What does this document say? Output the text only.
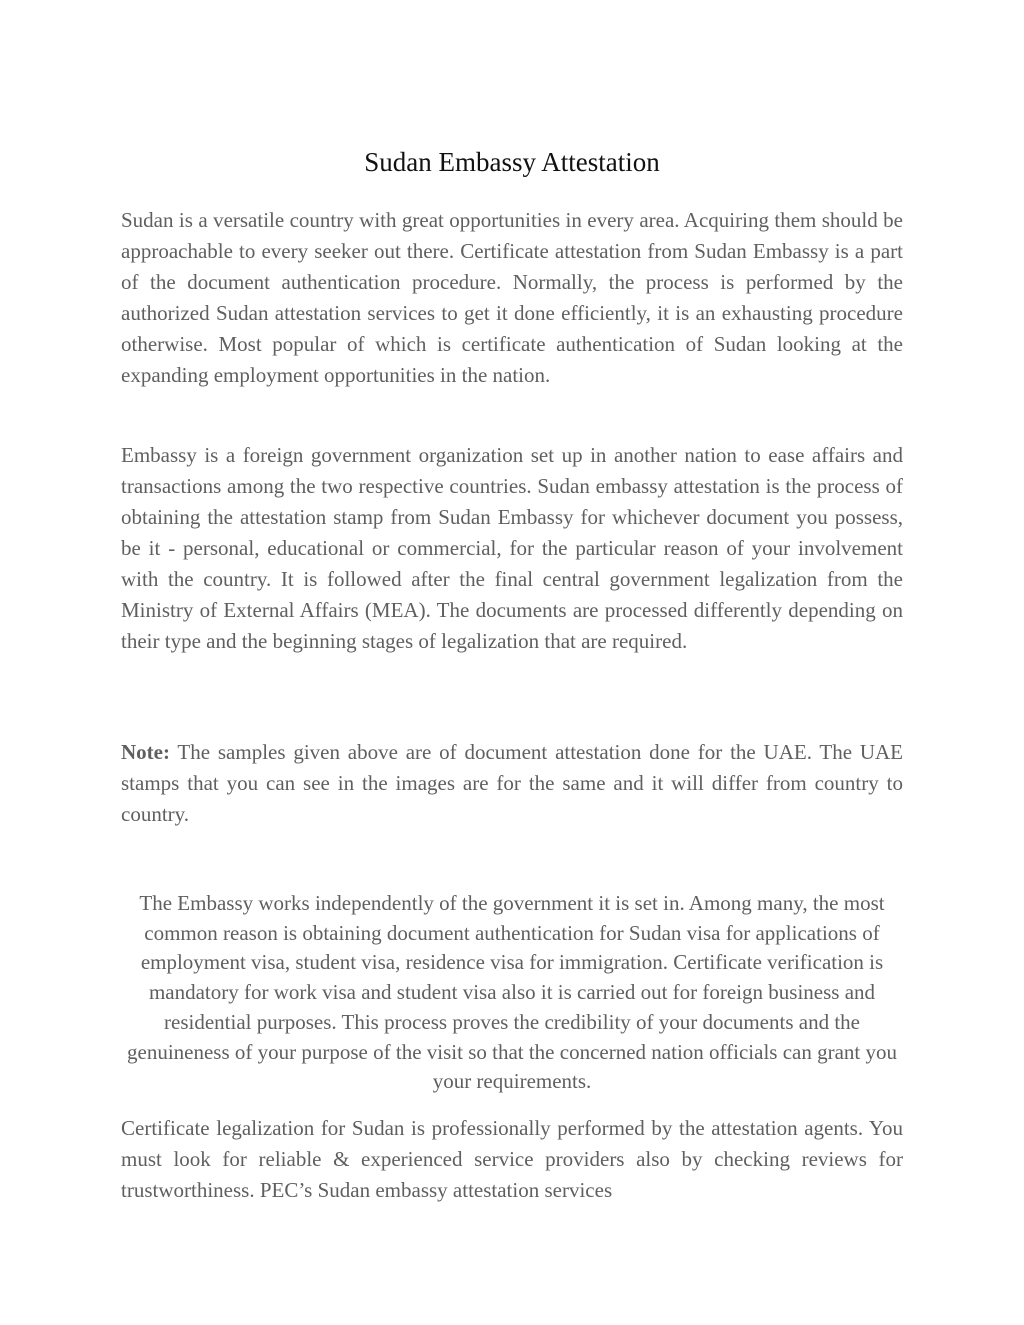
Sudan Embassy Attestation

Sudan is a versatile country with great opportunities in every area. Acquiring them should be approachable to every seeker out there. Certificate attestation from Sudan Embassy is a part of the document authentication procedure. Normally, the process is performed by the authorized Sudan attestation services to get it done efficiently, it is an exhausting procedure otherwise. Most popular of which is certificate authentication of Sudan looking at the expanding employment opportunities in the nation.

Embassy is a foreign government organization set up in another nation to ease affairs and transactions among the two respective countries. Sudan embassy attestation is the process of obtaining the attestation stamp from Sudan Embassy for whichever document you possess, be it - personal, educational or commercial, for the particular reason of your involvement with the country. It is followed after the final central government legalization from the Ministry of External Affairs (MEA). The documents are processed differently depending on their type and the beginning stages of legalization that are required.

Note: The samples given above are of document attestation done for the UAE. The UAE stamps that you can see in the images are for the same and it will differ from country to country.

The Embassy works independently of the government it is set in. Among many, the most common reason is obtaining document authentication for Sudan visa for applications of employment visa, student visa, residence visa for immigration. Certificate verification is mandatory for work visa and student visa also it is carried out for foreign business and residential purposes. This process proves the credibility of your documents and the genuineness of your purpose of the visit so that the concerned nation officials can grant you your requirements.

Certificate legalization for Sudan is professionally performed by the attestation agents. You must look for reliable & experienced service providers also by checking reviews for trustworthiness. PEC’s Sudan embassy attestation services
